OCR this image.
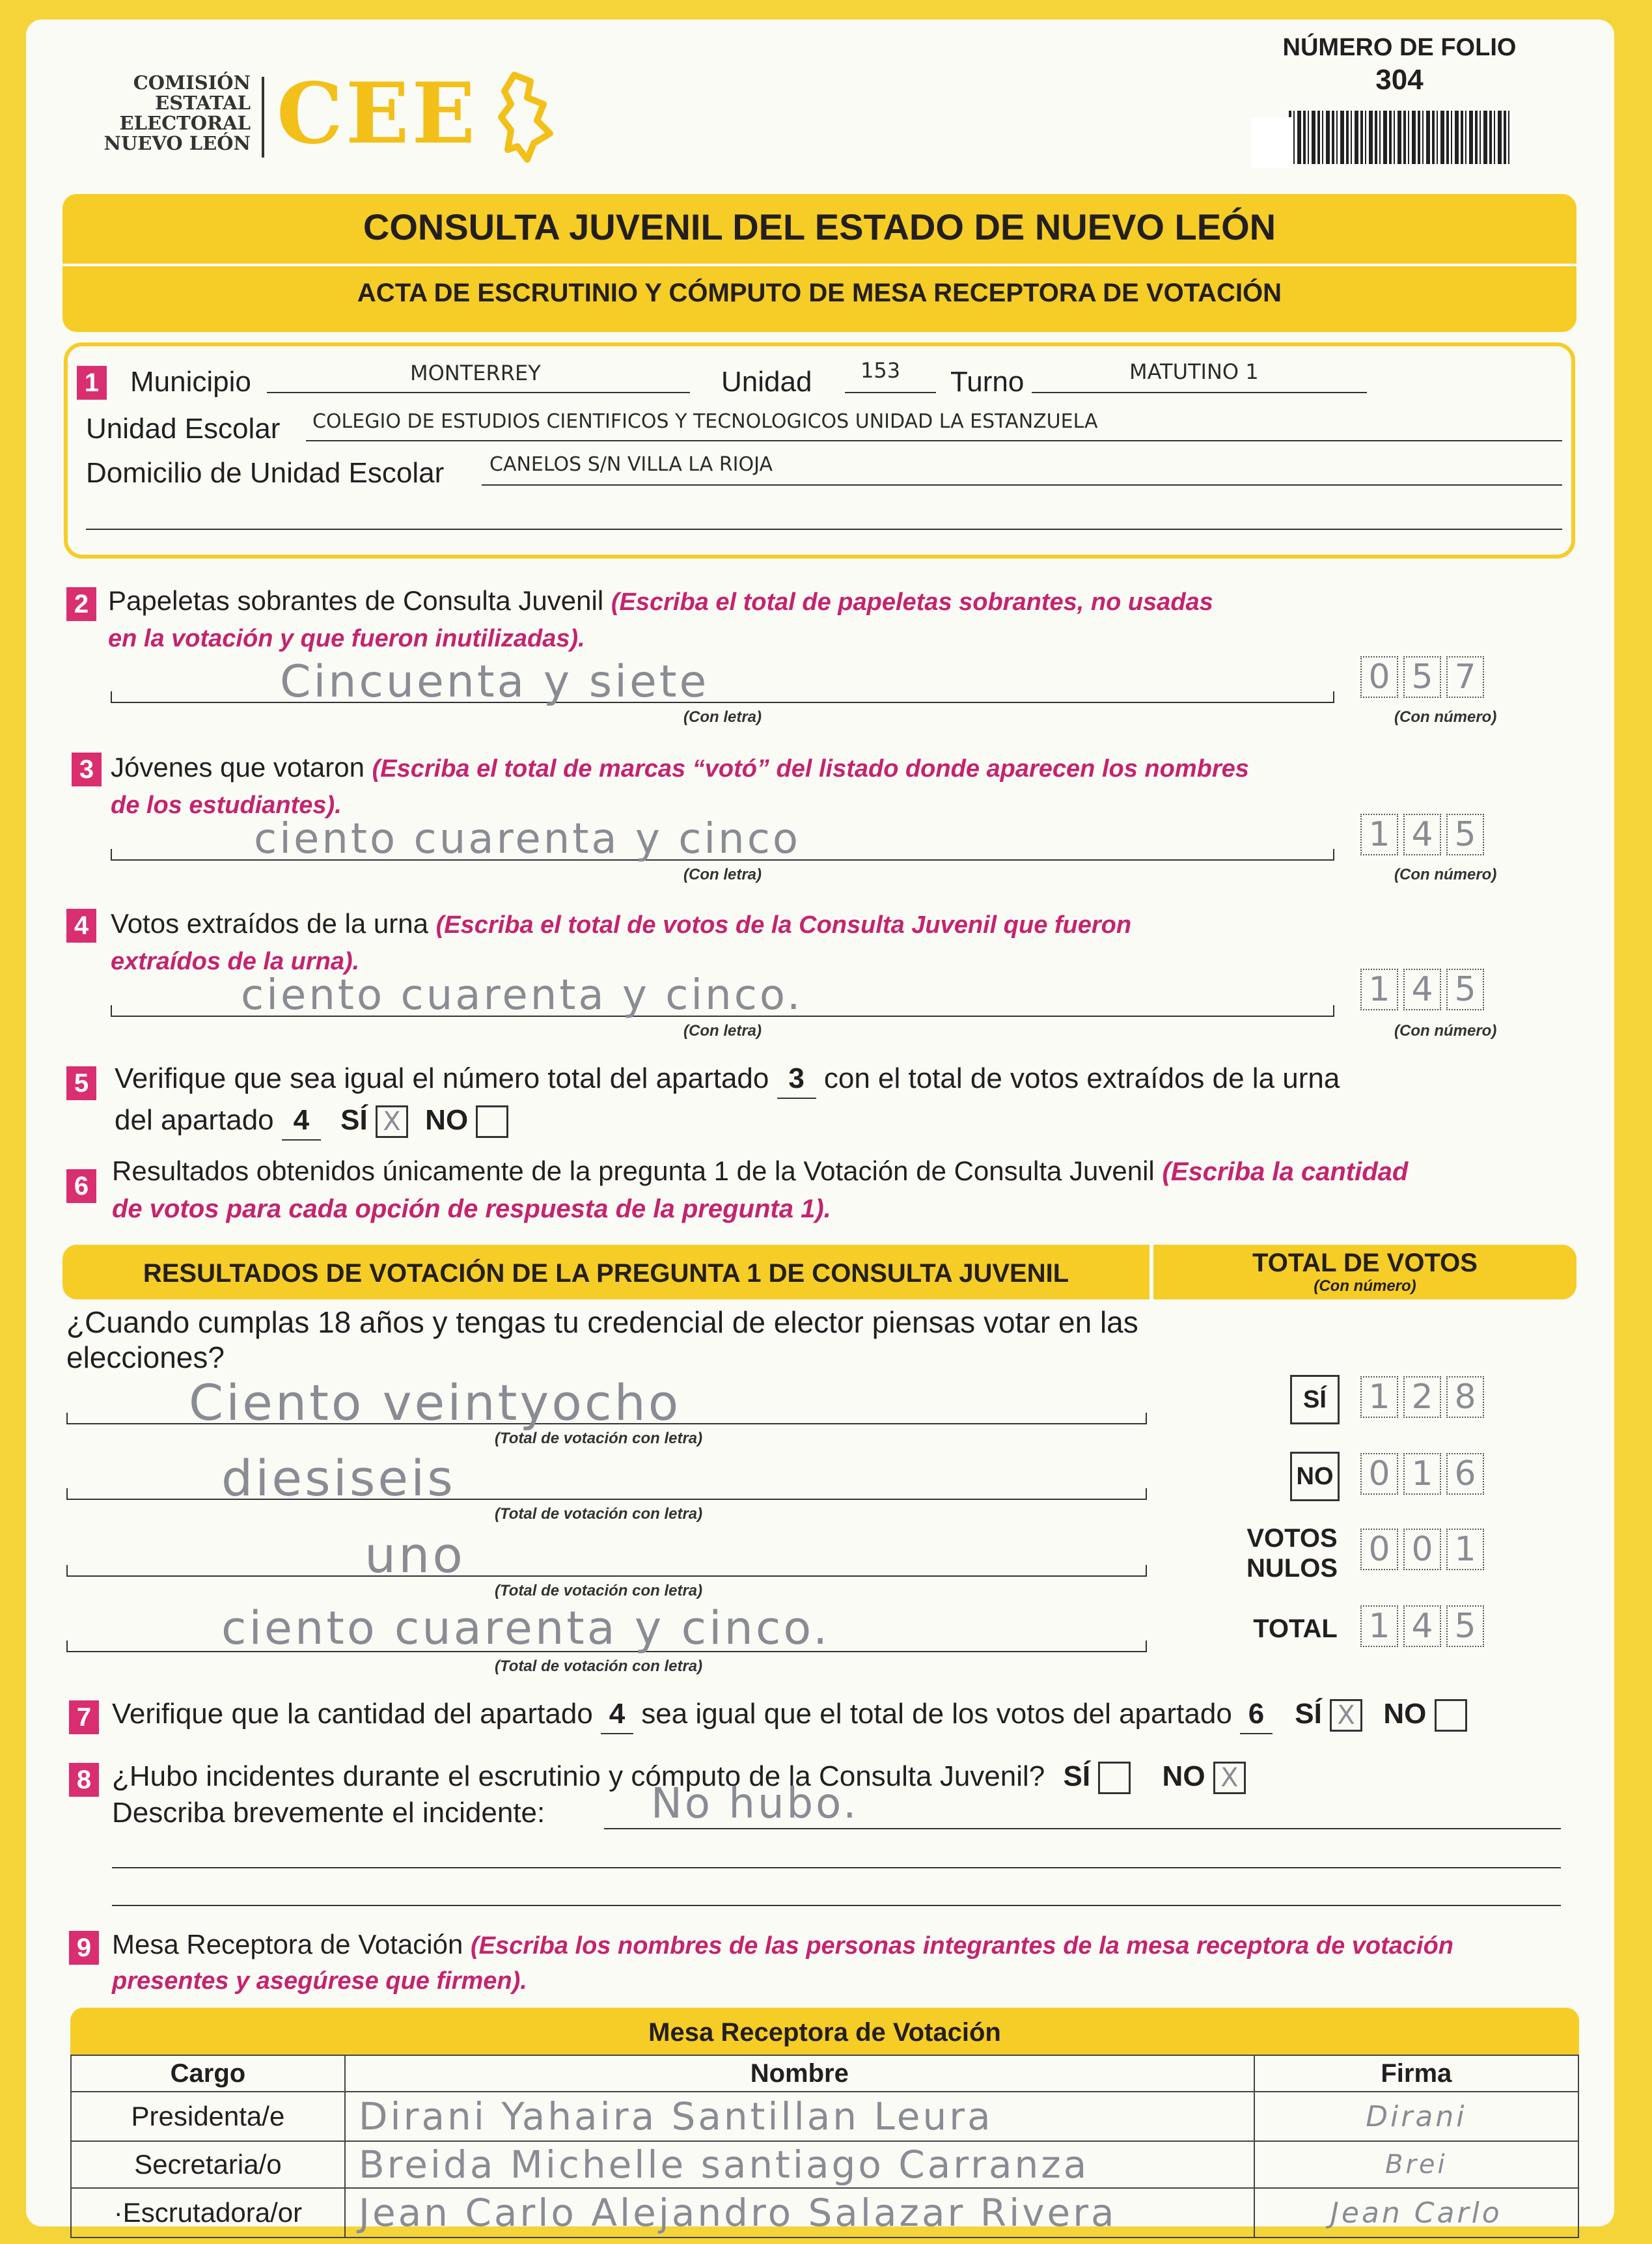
COMISIÓN
ESTATAL
ELECTORAL
NUEVO LEÓN CEE
NÚMERO DE FOLIO
304
CONSULTA JUVENIL DEL ESTADO DE NUEVO LEÓN
ACTA DE ESCRUTINIO Y CÓMPUTO DE MESA RECEPTORA DE VOTACIÓN
1 Municipio	MONTERREY	Unidad 153 Turno	MATUTINO 1
Unidad Escolar COLEGIO DE ESTUDIOS CIENTIFICOS Y TECNOLOGICOS UNIDAD LA ESTANZUELA
Domicilio de Unidad Escolar CANELOS S/N VILLA LA RIOJA
2 Papeletas sobrantes de Consulta Juvenil (Escriba el total de papeletas sobrantes, no usadas
en la votación y que fueron inutilizadas).
Cincuenta y siete
(Con letra)
0 5 7
(Con número)
3 Jóvenes que votaron (Escriba el total de marcas “votó” del listado donde aparecen los nombres
de los estudiantes).
ciento cuarenta y cinco
(Con letra)
1 4 5
(Con número)
4 Votos extraídos de la urna (Escriba el total de votos de la Consulta Juvenil que fueron
extraídos de la urna).
ciento cuarenta y cinco.
(Con letra)
1 4 5
(Con número)
5 Verifique que sea igual el número total del apartado 3 con el total de votos extraídos de la urna
del apartado 4 SÍ X NO
6 Resultados obtenidos únicamente de la pregunta 1 de la Votación de Consulta Juvenil (Escriba la cantidad
de votos para cada opción de respuesta de la pregunta 1).
RESULTADOS DE VOTACIÓN DE LA PREGUNTA 1 DE CONSULTA JUVENIL	TOTAL DE VOTOS
(Con número)
¿Cuando cumplas 18 años y tengas tu credencial de elector piensas votar en las elecciones?
Ciento veintyocho
(Total de votación con letra)
SÍ	1 2 8
diesiseis
(Total de votación con letra)
NO 0 1 6
uno
(Total de votación con letra)
VOTOS
NULOS 0 0 1
ciento cuarenta y cinco.
(Total de votación con letra)
TOTAL 1 4 5
7 Verifique que la cantidad del apartado 4 sea igual que el total de los votos del apartado 6 SÍ X NO
8 ¿Hubo incidentes durante el escrutinio y cómputo de la Consulta Juvenil? SÍ	NO X
Describa brevemente el incidente:	No hubo.
9 Mesa Receptora de Votación (Escriba los nombres de las personas integrantes de la mesa receptora de votación
presentes y asegúrese que firmen).
Mesa Receptora de Votación
Cargo	Nombre	Firma
Presidenta/e	Dirani Yahaira Santillan Leura	Dirani
Secretaria/o	Breida Michelle santiago Carranza	Brei
·Escrutadora/or	Jean Carlo Alejandro Salazar Rivera	Jean Carlo
